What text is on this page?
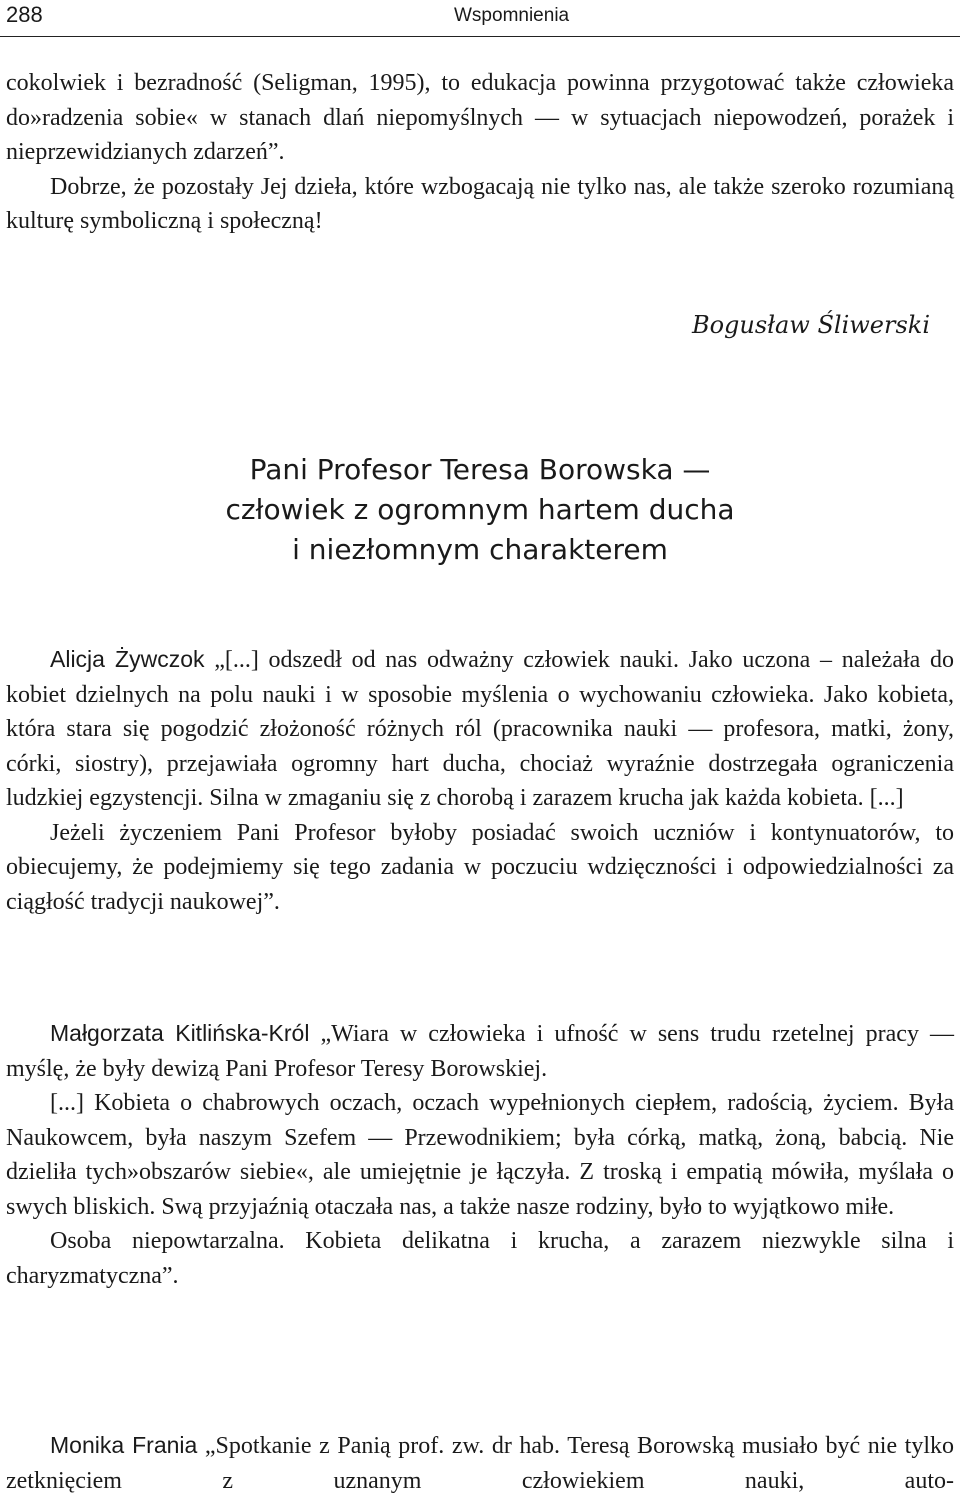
288	Wspomnienia

cokolwiek i bezradność (Seligman, 1995), to edukacja powinna przygotować także człowieka do»radzenia sobie« w stanach dlań niepomyślnych — w sytuacjach niepowodzeń, porażek i nieprzewidzianych zdarzeń”.

Dobrze, że pozostały Jej dzieła, które wzbogacają nie tylko nas, ale także szeroko rozumianą kulturę symboliczną i społeczną!

Bogusław Śliwerski
Pani Profesor Teresa Borowska —
człowiek z ogromnym hartem ducha
i niezłomnym charakterem

Alicja Żywczok „[...] odszedł od nas odważny człowiek nauki. Jako uczona – należała do kobiet dzielnych na polu nauki i w sposobie myślenia o wychowaniu człowieka. Jako kobieta, która stara się pogodzić złożoność różnych ról (pracownika nauki — profesora, matki, żony, córki, siostry), przejawiała ogromny hart ducha, chociaż wyraźnie dostrzegała ograniczenia ludzkiej egzystencji. Silna w zmaganiu się z chorobą i zarazem krucha jak każda kobieta. [...]

Jeżeli życzeniem Pani Profesor byłoby posiadać swoich uczniów i kontynuatorów, to obiecujemy, że podejmiemy się tego zadania w poczuciu wdzięczności i odpowiedzialności za ciągłość tradycji naukowej”.

Małgorzata Kitlińska-Król „Wiara w człowieka i ufność w sens trudu rzetelnej pracy — myślę, że były dewizą Pani Profesor Teresy Borowskiej.

[...] Kobieta o chabrowych oczach, oczach wypełnionych ciepłem, radością, życiem. Była Naukowcem, była naszym Szefem — Przewodnikiem; była córką, matką, żoną, babcią. Nie dzieliła tych»obszarów siebie«, ale umiejętnie je łączyła. Z troską i empatią mówiła, myślała o swych bliskich. Swą przyjaźnią otaczała nas, a także nasze rodziny, było to wyjątkowo miłe.

Osoba niepowtarzalna. Kobieta delikatna i krucha, a zarazem niezwykle silna i charyzmatyczna”.

Monika Frania „Spotkanie z Panią prof. zw. dr hab. Teresą Borowską musiało być nie tylko zetknięciem z uznanym człowiekiem nauki, auto-
